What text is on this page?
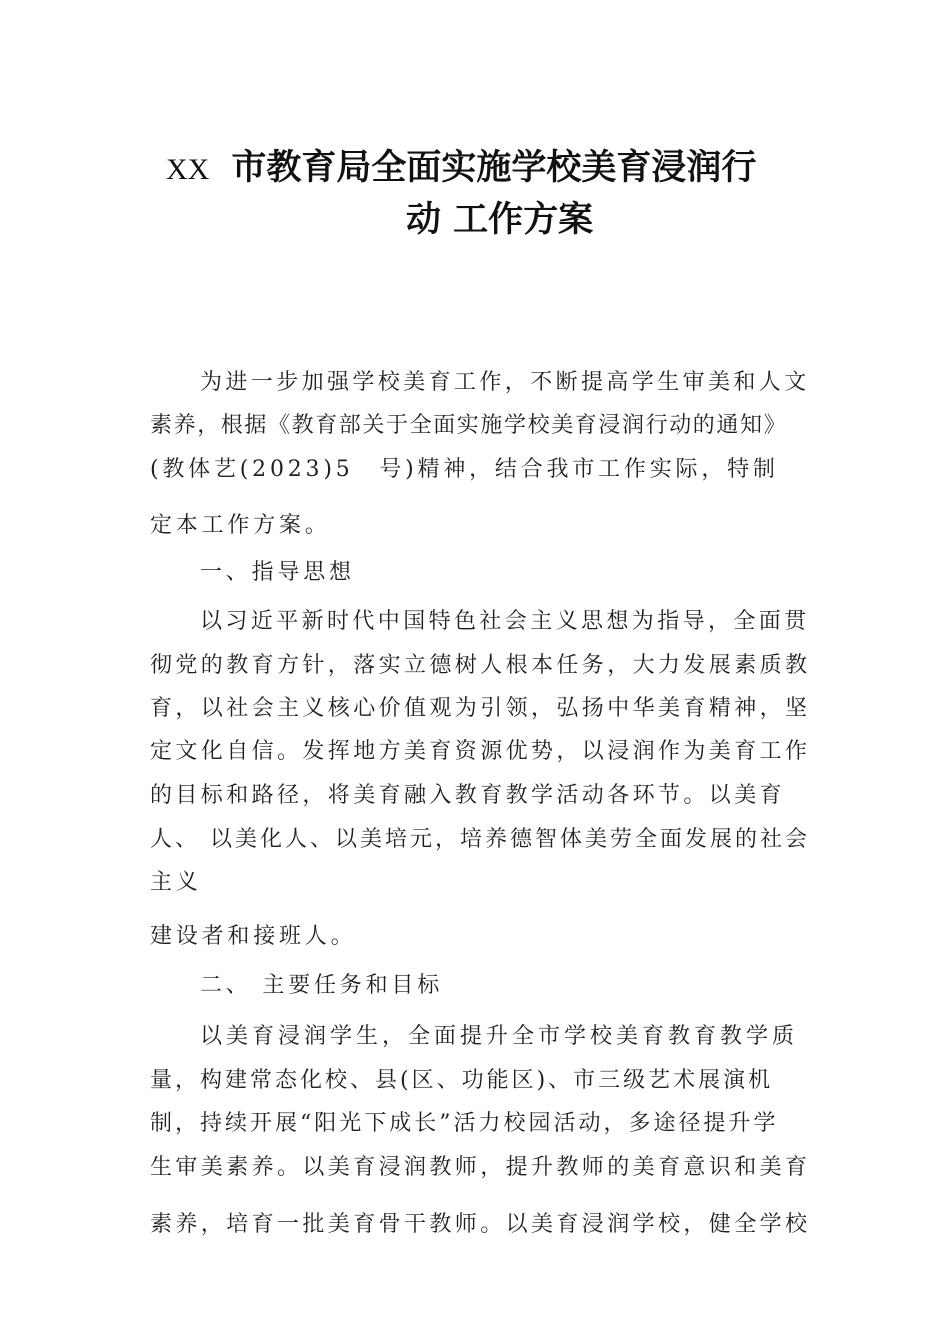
XX 市教育局全面实施学校美育浸润行
动 工作方案
为进一步加强学校美育工作，不断提高学生审美和人文
素养，根据《教育部关于全面实施学校美育浸润行动的通知》
(教体艺(2023)5　号)精神，结合我市工作实际，特制
定本工作方案。
一、指导思想
以习近平新时代中国特色社会主义思想为指导，全面贯
彻党的教育方针，落实立德树人根本任务，大力发展素质教
育，以社会主义核心价值观为引领，弘扬中华美育精神，坚
定文化自信。发挥地方美育资源优势，以浸润作为美育工作
的目标和路径，将美育融入教育教学活动各环节。以美育
人、 以美化人、以美培元，培养德智体美劳全面发展的社会
主义
建设者和接班人。
二、 主要任务和目标
以美育浸润学生，全面提升全市学校美育教育教学质
量，构建常态化校、县(区、功能区)、市三级艺术展演机
制，持续开展“阳光下成长”活力校园活动，多途径提升学
生审美素养。以美育浸润教师，提升教师的美育意识和美育
素养，培育一批美育骨干教师。以美育浸润学校，健全学校
